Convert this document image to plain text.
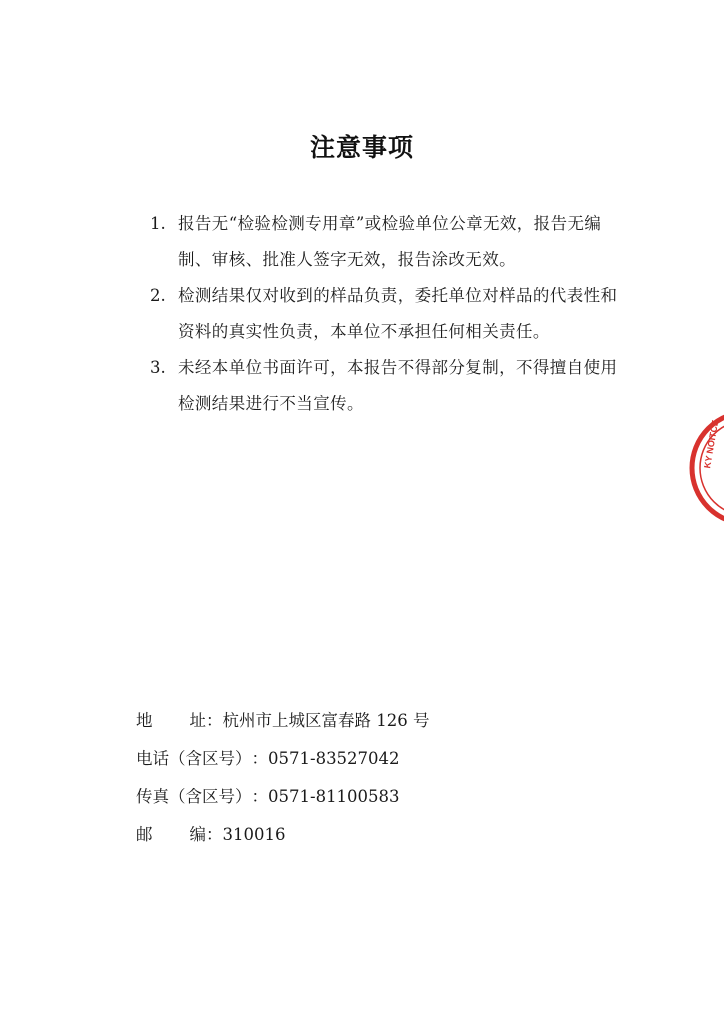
注意事项
1. 报告无“检验检测专用章”或检验单位公章无效，报告无编制、审核、批准人签字无效，报告涂改无效。
2. 检测结果仅对收到的样品负责，委托单位对样品的代表性和资料的真实性负责，本单位不承担任何相关责任。
3. 未经本单位书面许可，本报告不得部分复制，不得擅自使用检测结果进行不当宣传。
地 址 ：杭州市上城区富春路 126 号
电话（含区号） ：0571-83527042
传真（含区号） ：0571-81100583
邮 编 ：310016
KY NOITCE
